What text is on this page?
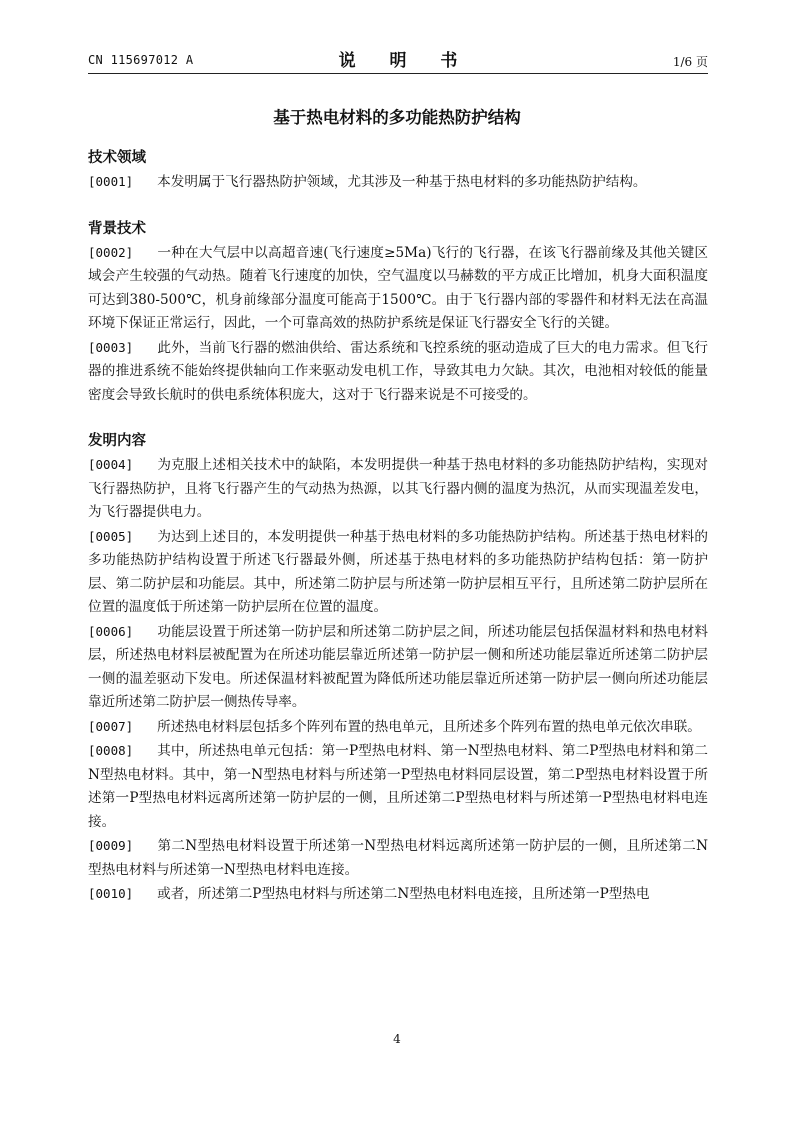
CN 115697012 A	说 明 书	1/6 页
基于热电材料的多功能热防护结构
技术领域
[0001] 本发明属于飞行器热防护领域，尤其涉及一种基于热电材料的多功能热防护结构。
背景技术
[0002] 一种在大气层中以高超音速(飞行速度≥5Ma)飞行的飞行器，在该飞行器前缘及其他关键区域会产生较强的气动热。随着飞行速度的加快，空气温度以马赫数的平方成正比增加，机身大面积温度可达到380-500℃，机身前缘部分温度可能高于1500℃。由于飞行器内部的零器件和材料无法在高温环境下保证正常运行，因此，一个可靠高效的热防护系统是保证飞行器安全飞行的关键。
[0003] 此外，当前飞行器的燃油供给、雷达系统和飞控系统的驱动造成了巨大的电力需求。但飞行器的推进系统不能始终提供轴向工作来驱动发电机工作，导致其电力欠缺。其次，电池相对较低的能量密度会导致长航时的供电系统体积庞大，这对于飞行器来说是不可接受的。
发明内容
[0004] 为克服上述相关技术中的缺陷，本发明提供一种基于热电材料的多功能热防护结构，实现对飞行器热防护，且将飞行器产生的气动热为热源，以其飞行器内侧的温度为热沉，从而实现温差发电，为飞行器提供电力。
[0005] 为达到上述目的，本发明提供一种基于热电材料的多功能热防护结构。所述基于热电材料的多功能热防护结构设置于所述飞行器最外侧，所述基于热电材料的多功能热防护结构包括：第一防护层、第二防护层和功能层。其中，所述第二防护层与所述第一防护层相互平行，且所述第二防护层所在位置的温度低于所述第一防护层所在位置的温度。
[0006] 功能层设置于所述第一防护层和所述第二防护层之间，所述功能层包括保温材料和热电材料层，所述热电材料层被配置为在所述功能层靠近所述第一防护层一侧和所述功能层靠近所述第二防护层一侧的温差驱动下发电。所述保温材料被配置为降低所述功能层靠近所述第一防护层一侧向所述功能层靠近所述第二防护层一侧热传导率。
[0007] 所述热电材料层包括多个阵列布置的热电单元，且所述多个阵列布置的热电单元依次串联。
[0008] 其中，所述热电单元包括：第一P型热电材料、第一N型热电材料、第二P型热电材料和第二N型热电材料。其中，第一N型热电材料与所述第一P型热电材料同层设置，第二P型热电材料设置于所述第一P型热电材料远离所述第一防护层的一侧，且所述第二P型热电材料与所述第一P型热电材料电连接。
[0009] 第二N型热电材料设置于所述第一N型热电材料远离所述第一防护层的一侧，且所述第二N型热电材料与所述第一N型热电材料电连接。
[0010] 或者，所述第二P型热电材料与所述第二N型热电材料电连接，且所述第一P型热电
4
